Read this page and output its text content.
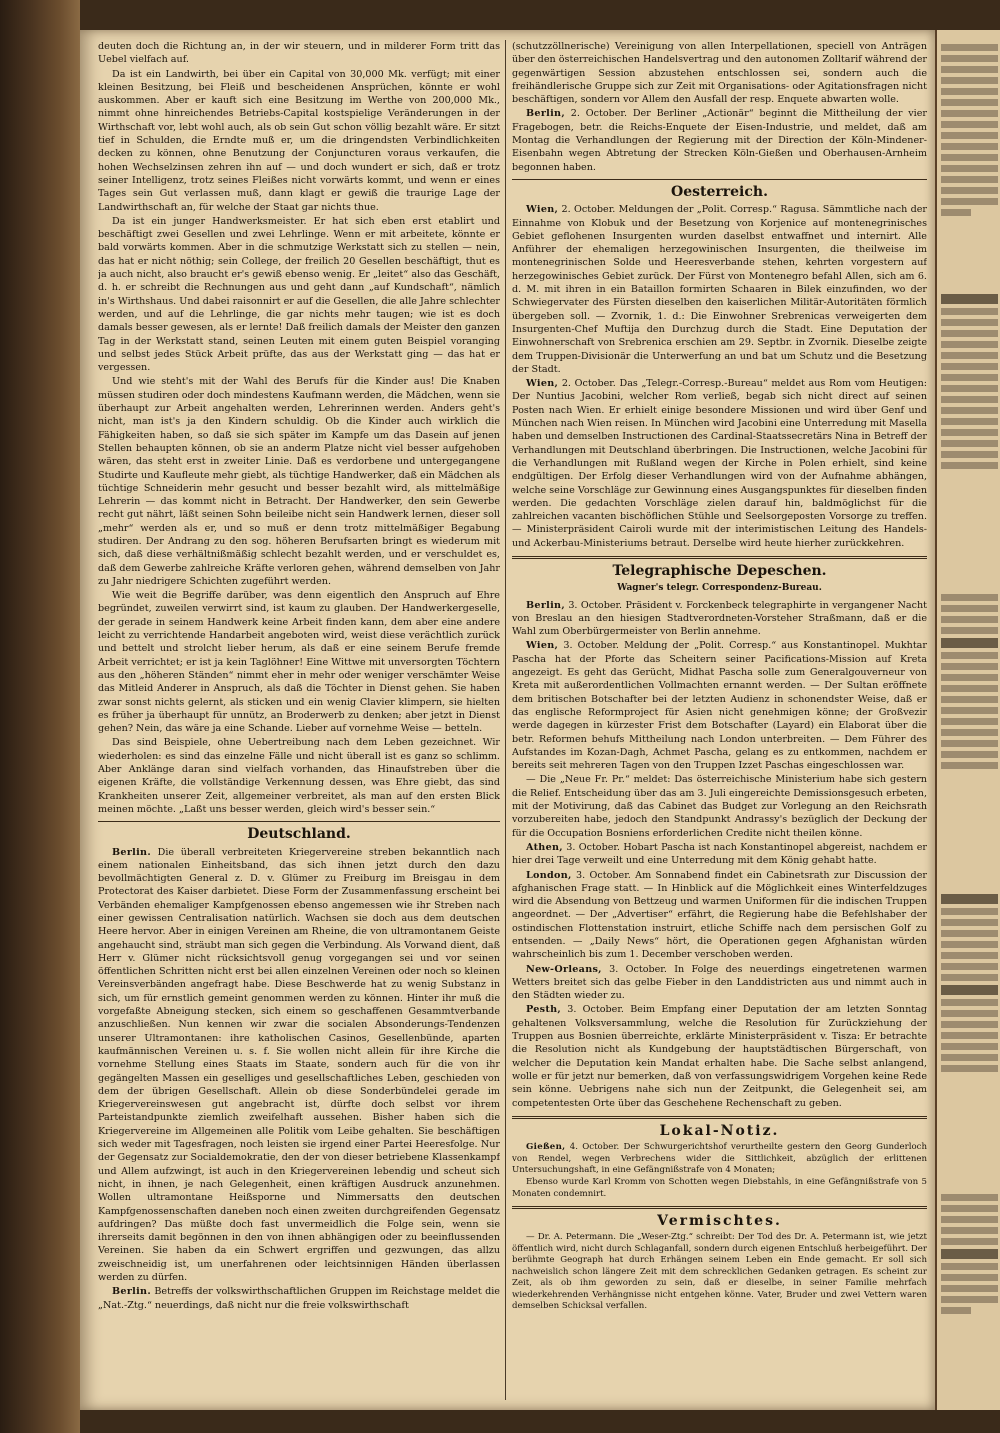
deuten doch die Richtung an, in der wir steuern, und in milderer Form tritt das Uebel vielfach auf.

Da ist ein Landwirth, bei über ein Capital von 30,000 Mk. verfügt; mit einer kleinen Besitzung, bei Fleiß und bescheidenen Ansprüchen, könnte er wohl auskommen. Aber er kauft sich eine Besitzung im Werthe von 200,000 Mk., nimmt ohne hinreichendes Betriebs-Capital kostspielige Veränderungen in der Wirthschaft vor, lebt wohl auch, als ob sein Gut schon völlig bezahlt wäre. Er sitzt tief in Schulden, die Erndte muß er, um die dringendsten Verbindlichkeiten decken zu können, ohne Benutzung der Conjuncturen voraus verkaufen, die hohen Wechselzinsen zehren ihn auf — und doch wundert er sich, daß er trotz seiner Intelligenz, trotz seines Fleißes nicht vorwärts kommt, und wenn er eines Tages sein Gut verlassen muß, dann klagt er gewiß die traurige Lage der Landwirthschaft an, für welche der Staat gar nichts thue.

Da ist ein junger Handwerksmeister. Er hat sich eben erst etablirt und beschäftigt zwei Gesellen und zwei Lehrlinge. Wenn er mit arbeitete, könnte er bald vorwärts kommen. Aber in die schmutzige Werkstatt sich zu stellen — nein, das hat er nicht nöthig; sein College, der freilich 20 Gesellen beschäftigt, thut es ja auch nicht, also braucht er's gewiß ebenso wenig. Er „leitet“ also das Geschäft, d. h. er schreibt die Rechnungen aus und geht dann „auf Kundschaft“, nämlich in's Wirthshaus. Und dabei raisonnirt er auf die Gesellen, die alle Jahre schlechter werden, und auf die Lehrlinge, die gar nichts mehr taugen; wie ist es doch damals besser gewesen, als er lernte! Daß freilich damals der Meister den ganzen Tag in der Werkstatt stand, seinen Leuten mit einem guten Beispiel voranging und selbst jedes Stück Arbeit prüfte, das aus der Werkstatt ging — das hat er vergessen.

Und wie steht's mit der Wahl des Berufs für die Kinder aus! Die Knaben müssen studiren oder doch mindestens Kaufmann werden, die Mädchen, wenn sie überhaupt zur Arbeit angehalten werden, Lehrerinnen werden. Anders geht's nicht, man ist's ja den Kindern schuldig. Ob die Kinder auch wirklich die Fähigkeiten haben, so daß sie sich später im Kampfe um das Dasein auf jenen Stellen behaupten können, ob sie an anderm Platze nicht viel besser aufgehoben wären, das steht erst in zweiter Linie. Daß es verdorbene und untergegangene Studirte und Kaufleute mehr giebt, als tüchtige Handwerker, daß ein Mädchen als tüchtige Schneiderin mehr gesucht und besser bezahlt wird, als mittelmäßige Lehrerin — das kommt nicht in Betracht. Der Handwerker, den sein Gewerbe recht gut nährt, läßt seinen Sohn beileibe nicht sein Handwerk lernen, dieser soll „mehr“ werden als er, und so muß er denn trotz mittelmäßiger Begabung studiren. Der Andrang zu den sog. höheren Berufsarten bringt es wiederum mit sich, daß diese verhältnißmäßig schlecht bezahlt werden, und er verschuldet es, daß dem Gewerbe zahlreiche Kräfte verloren gehen, während demselben von Jahr zu Jahr niedrigere Schichten zugeführt werden.

Wie weit die Begriffe darüber, was denn eigentlich den Anspruch auf Ehre begründet, zuweilen verwirrt sind, ist kaum zu glauben. Der Handwerkergeselle, der gerade in seinem Handwerk keine Arbeit finden kann, dem aber eine andere leicht zu verrichtende Handarbeit angeboten wird, weist diese verächtlich zurück und bettelt und strolcht lieber herum, als daß er eine seinem Berufe fremde Arbeit verrichtet; er ist ja kein Taglöhner! Eine Wittwe mit unversorgten Töchtern aus den „höheren Ständen“ nimmt eher in mehr oder weniger verschämter Weise das Mitleid Anderer in Anspruch, als daß die Töchter in Dienst gehen. Sie haben zwar sonst nichts gelernt, als sticken und ein wenig Clavier klimpern, sie hielten es früher ja überhaupt für unnütz, an Broderwerb zu denken; aber jetzt in Dienst gehen? Nein, das wäre ja eine Schande. Lieber auf vornehme Weise — betteln.

Das sind Beispiele, ohne Uebertreibung nach dem Leben gezeichnet. Wir wiederholen: es sind das einzelne Fälle und nicht überall ist es ganz so schlimm. Aber Anklänge daran sind vielfach vorhanden, das Hinaufstreben über die eigenen Kräfte, die vollständige Verkennung dessen, was Ehre giebt, das sind Krankheiten unserer Zeit, allgemeiner verbreitet, als man auf den ersten Blick meinen möchte. „Laßt uns besser werden, gleich wird's besser sein.“

Deutschland.

Berlin. Die überall verbreiteten Kriegervereine streben bekanntlich nach einem nationalen Einheitsband, das sich ihnen jetzt durch den dazu bevollmächtigten General z. D. v. Glümer zu Freiburg im Breisgau in dem Protectorat des Kaiser darbietet. Diese Form der Zusammenfassung erscheint bei Verbänden ehemaliger Kampfgenossen ebenso angemessen wie ihr Streben nach einer gewissen Centralisation natürlich. Wachsen sie doch aus dem deutschen Heere hervor. Aber in einigen Vereinen am Rheine, die von ultramontanem Geiste angehaucht sind, sträubt man sich gegen die Verbindung. Als Vorwand dient, daß Herr v. Glümer nicht rücksichtsvoll genug vorgegangen sei und vor seinen öffentlichen Schritten nicht erst bei allen einzelnen Vereinen oder noch so kleinen Vereinsverbänden angefragt habe. Diese Beschwerde hat zu wenig Substanz in sich, um für ernstlich gemeint genommen werden zu können. Hinter ihr muß die vorgefaßte Abneigung stecken, sich einem so geschaffenen Gesammtverbande anzuschließen. Nun kennen wir zwar die socialen Absonderungs-Tendenzen unserer Ultramontanen: ihre katholischen Casinos, Gesellenbünde, aparten kaufmännischen Vereinen u. s. f. Sie wollen nicht allein für ihre Kirche die vornehme Stellung eines Staats im Staate, sondern auch für die von ihr gegängelten Massen ein geselliges und gesellschaftliches Leben, geschieden von dem der übrigen Gesellschaft. Allein ob diese Sonderbündelei gerade im Kriegervereinswesen gut angebracht ist, dürfte doch selbst vor ihrem Parteistandpunkte ziemlich zweifelhaft aussehen. Bisher haben sich die Kriegervereine im Allgemeinen alle Politik vom Leibe gehalten. Sie beschäftigen sich weder mit Tagesfragen, noch leisten sie irgend einer Partei Heeresfolge. Nur der Gegensatz zur Socialdemokratie, den der von dieser betriebene Klassenkampf und Allem aufzwingt, ist auch in den Kriegervereinen lebendig und scheut sich nicht, in ihnen, je nach Gelegenheit, einen kräftigen Ausdruck anzunehmen. Wollen ultramontane Heißsporne und Nimmersatts den deutschen Kampfgenossenschaften daneben noch einen zweiten durchgreifenden Gegensatz aufdringen? Das müßte doch fast unvermeidlich die Folge sein, wenn sie ihrerseits damit begönnen in den von ihnen abhängigen oder zu beeinflussenden Vereinen. Sie haben da ein Schwert ergriffen und gezwungen, das allzu zweischneidig ist, um unerfahrenen oder leichtsinnigen Händen überlassen werden zu dürfen.

Berlin. Betreffs der volkswirthschaftlichen Gruppen im Reichstage meldet die „Nat.-Ztg.“ neuerdings, daß nicht nur die freie volkswirthschaft

(schutzzöllnerische) Vereinigung von allen Interpellationen, speciell von Anträgen über den österreichischen Handelsvertrag und den autonomen Zolltarif während der gegenwärtigen Session abzustehen entschlossen sei, sondern auch die freihändlerische Gruppe sich zur Zeit mit Organisations- oder Agitationsfragen nicht beschäftigen, sondern vor Allem den Ausfall der resp. Enquete abwarten wolle.

Berlin, 2. October. Der Berliner „Actionär“ beginnt die Mittheilung der vier Fragebogen, betr. die Reichs-Enquete der Eisen-Industrie, und meldet, daß am Montag die Verhandlungen der Regierung mit der Direction der Köln-Mindener-Eisenbahn wegen Abtretung der Strecken Köln-Gießen und Oberhausen-Arnheim begonnen haben.

Oesterreich.

Wien, 2. October. Meldungen der „Polit. Corresp.“ Ragusa. Sämmtliche nach der Einnahme von Klobuk und der Besetzung von Korjenice auf montenegrinisches Gebiet geflohenen Insurgenten wurden daselbst entwaffnet und internirt. Alle Anführer der ehemaligen herzegowinischen Insurgenten, die theilweise im montenegrinischen Solde und Heeresverbande stehen, kehrten vorgestern auf herzegowinisches Gebiet zurück. Der Fürst von Montenegro befahl Allen, sich am 6. d. M. mit ihren in ein Bataillon formirten Schaaren in Bilek einzufinden, wo der Schwiegervater des Fürsten dieselben den kaiserlichen Militär-Autoritäten förmlich übergeben soll. — Zvornik, 1. d.: Die Einwohner Srebrenicas verweigerten dem Insurgenten-Chef Muftija den Durchzug durch die Stadt. Eine Deputation der Einwohnerschaft von Srebrenica erschien am 29. Septbr. in Zvornik. Dieselbe zeigte dem Truppen-Divisionär die Unterwerfung an und bat um Schutz und die Besetzung der Stadt.

Wien, 2. October. Das „Telegr.-Corresp.-Bureau“ meldet aus Rom vom Heutigen: Der Nuntius Jacobini, welcher Rom verließ, begab sich nicht direct auf seinen Posten nach Wien. Er erhielt einige besondere Missionen und wird über Genf und München nach Wien reisen. In München wird Jacobini eine Unterredung mit Masella haben und demselben Instructionen des Cardinal-Staatssecretärs Nina in Betreff der Verhandlungen mit Deutschland überbringen. Die Instructionen, welche Jacobini für die Verhandlungen mit Rußland wegen der Kirche in Polen erhielt, sind keine endgültigen. Der Erfolg dieser Verhandlungen wird von der Aufnahme abhängen, welche seine Vorschläge zur Gewinnung eines Ausgangspunktes für dieselben finden werden. Die gedachten Vorschläge zielen darauf hin, baldmöglichst für die zahlreichen vacanten bischöflichen Stühle und Seelsorgeposten Vorsorge zu treffen. — Ministerpräsident Cairoli wurde mit der interimistischen Leitung des Handels- und Ackerbau-Ministeriums betraut. Derselbe wird heute hierher zurückkehren.

Telegraphische Depeschen.
Wagner's telegr. Correspondenz-Bureau.

Berlin, 3. October. Präsident v. Forckenbeck telegraphirte in vergangener Nacht von Breslau an den hiesigen Stadtverordneten-Vorsteher Straßmann, daß er die Wahl zum Oberbürgermeister von Berlin annehme.

Wien, 3. October. Meldung der „Polit. Corresp.“ aus Konstantinopel. Mukhtar Pascha hat der Pforte das Scheitern seiner Pacifications-Mission auf Kreta angezeigt. Es geht das Gerücht, Midhat Pascha solle zum Generalgouverneur von Kreta mit außerordentlichen Vollmachten ernannt werden. — Der Sultan eröffnete dem britischen Botschafter bei der letzten Audienz in schonendster Weise, daß er das englische Reformproject für Asien nicht genehmigen könne; der Großvezir werde dagegen in kürzester Frist dem Botschafter (Layard) ein Elaborat über die betr. Reformen behufs Mittheilung nach London unterbreiten. — Dem Führer des Aufstandes im Kozan-Dagh, Achmet Pascha, gelang es zu entkommen, nachdem er bereits seit mehreren Tagen von den Truppen Izzet Paschas eingeschlossen war.

— Die „Neue Fr. Pr.“ meldet: Das österreichische Ministerium habe sich gestern die Relief. Entscheidung über das am 3. Juli eingereichte Demissionsgesuch erbeten, mit der Motivirung, daß das Cabinet das Budget zur Vorlegung an den Reichsrath vorzubereiten habe, jedoch den Standpunkt Andrassy's bezüglich der Deckung der für die Occupation Bosniens erforderlichen Credite nicht theilen könne.

Athen, 3. October. Hobart Pascha ist nach Konstantinopel abgereist, nachdem er hier drei Tage verweilt und eine Unterredung mit dem König gehabt hatte.

London, 3. October. Am Sonnabend findet ein Cabinetsrath zur Discussion der afghanischen Frage statt. — In Hinblick auf die Möglichkeit eines Winterfeldzuges wird die Absendung von Bettzeug und warmen Uniformen für die indischen Truppen angeordnet. — Der „Advertiser“ erfährt, die Regierung habe die Befehlshaber der ostindischen Flottenstation instruirt, etliche Schiffe nach dem persischen Golf zu entsenden. — „Daily News“ hört, die Operationen gegen Afghanistan würden wahrscheinlich bis zum 1. December verschoben werden.

New-Orleans, 3. October. In Folge des neuerdings eingetretenen warmen Wetters breitet sich das gelbe Fieber in den Landdistricten aus und nimmt auch in den Städten wieder zu.

Pesth, 3. October. Beim Empfang einer Deputation der am letzten Sonntag gehaltenen Volksversammlung, welche die Resolution für Zurückziehung der Truppen aus Bosnien überreichte, erklärte Ministerpräsident v. Tisza: Er betrachte die Resolution nicht als Kundgebung der hauptstädtischen Bürgerschaft, von welcher die Deputation kein Mandat erhalten habe. Die Sache selbst anlangend, wolle er für jetzt nur bemerken, daß von verfassungswidrigem Vorgehen keine Rede sein könne. Uebrigens nahe sich nun der Zeitpunkt, die Gelegenheit sei, am competentesten Orte über das Geschehene Rechenschaft zu geben.

Lokal-Notiz.

Gießen, 4. October. Der Schwurgerichtshof verurtheilte gestern den Georg Gunderloch von Rendel, wegen Verbrechens wider die Sittlichkeit, abzüglich der erlittenen Untersuchungshaft, in eine Gefängnißstrafe von 4 Monaten;

Ebenso wurde Karl Kromm von Schotten wegen Diebstahls, in eine Gefängnißstrafe von 5 Monaten condemnirt.

Vermischtes.

— Dr. A. Petermann. Die „Weser-Ztg.“ schreibt: Der Tod des Dr. A. Petermann ist, wie jetzt öffentlich wird, nicht durch Schlaganfall, sondern durch eigenen Entschluß herbeigeführt. Der berühmte Geograph hat durch Erhängen seinem Leben ein Ende gemacht. Er soll sich nachweislich schon längere Zeit mit dem schrecklichen Gedanken getragen. Es scheint zur Zeit, als ob ihm geworden zu sein, daß er dieselbe, in seiner Familie mehrfach wiederkehrenden Verhängnisse nicht entgehen könne. Vater, Bruder und zwei Vettern waren demselben Schicksal verfallen.
